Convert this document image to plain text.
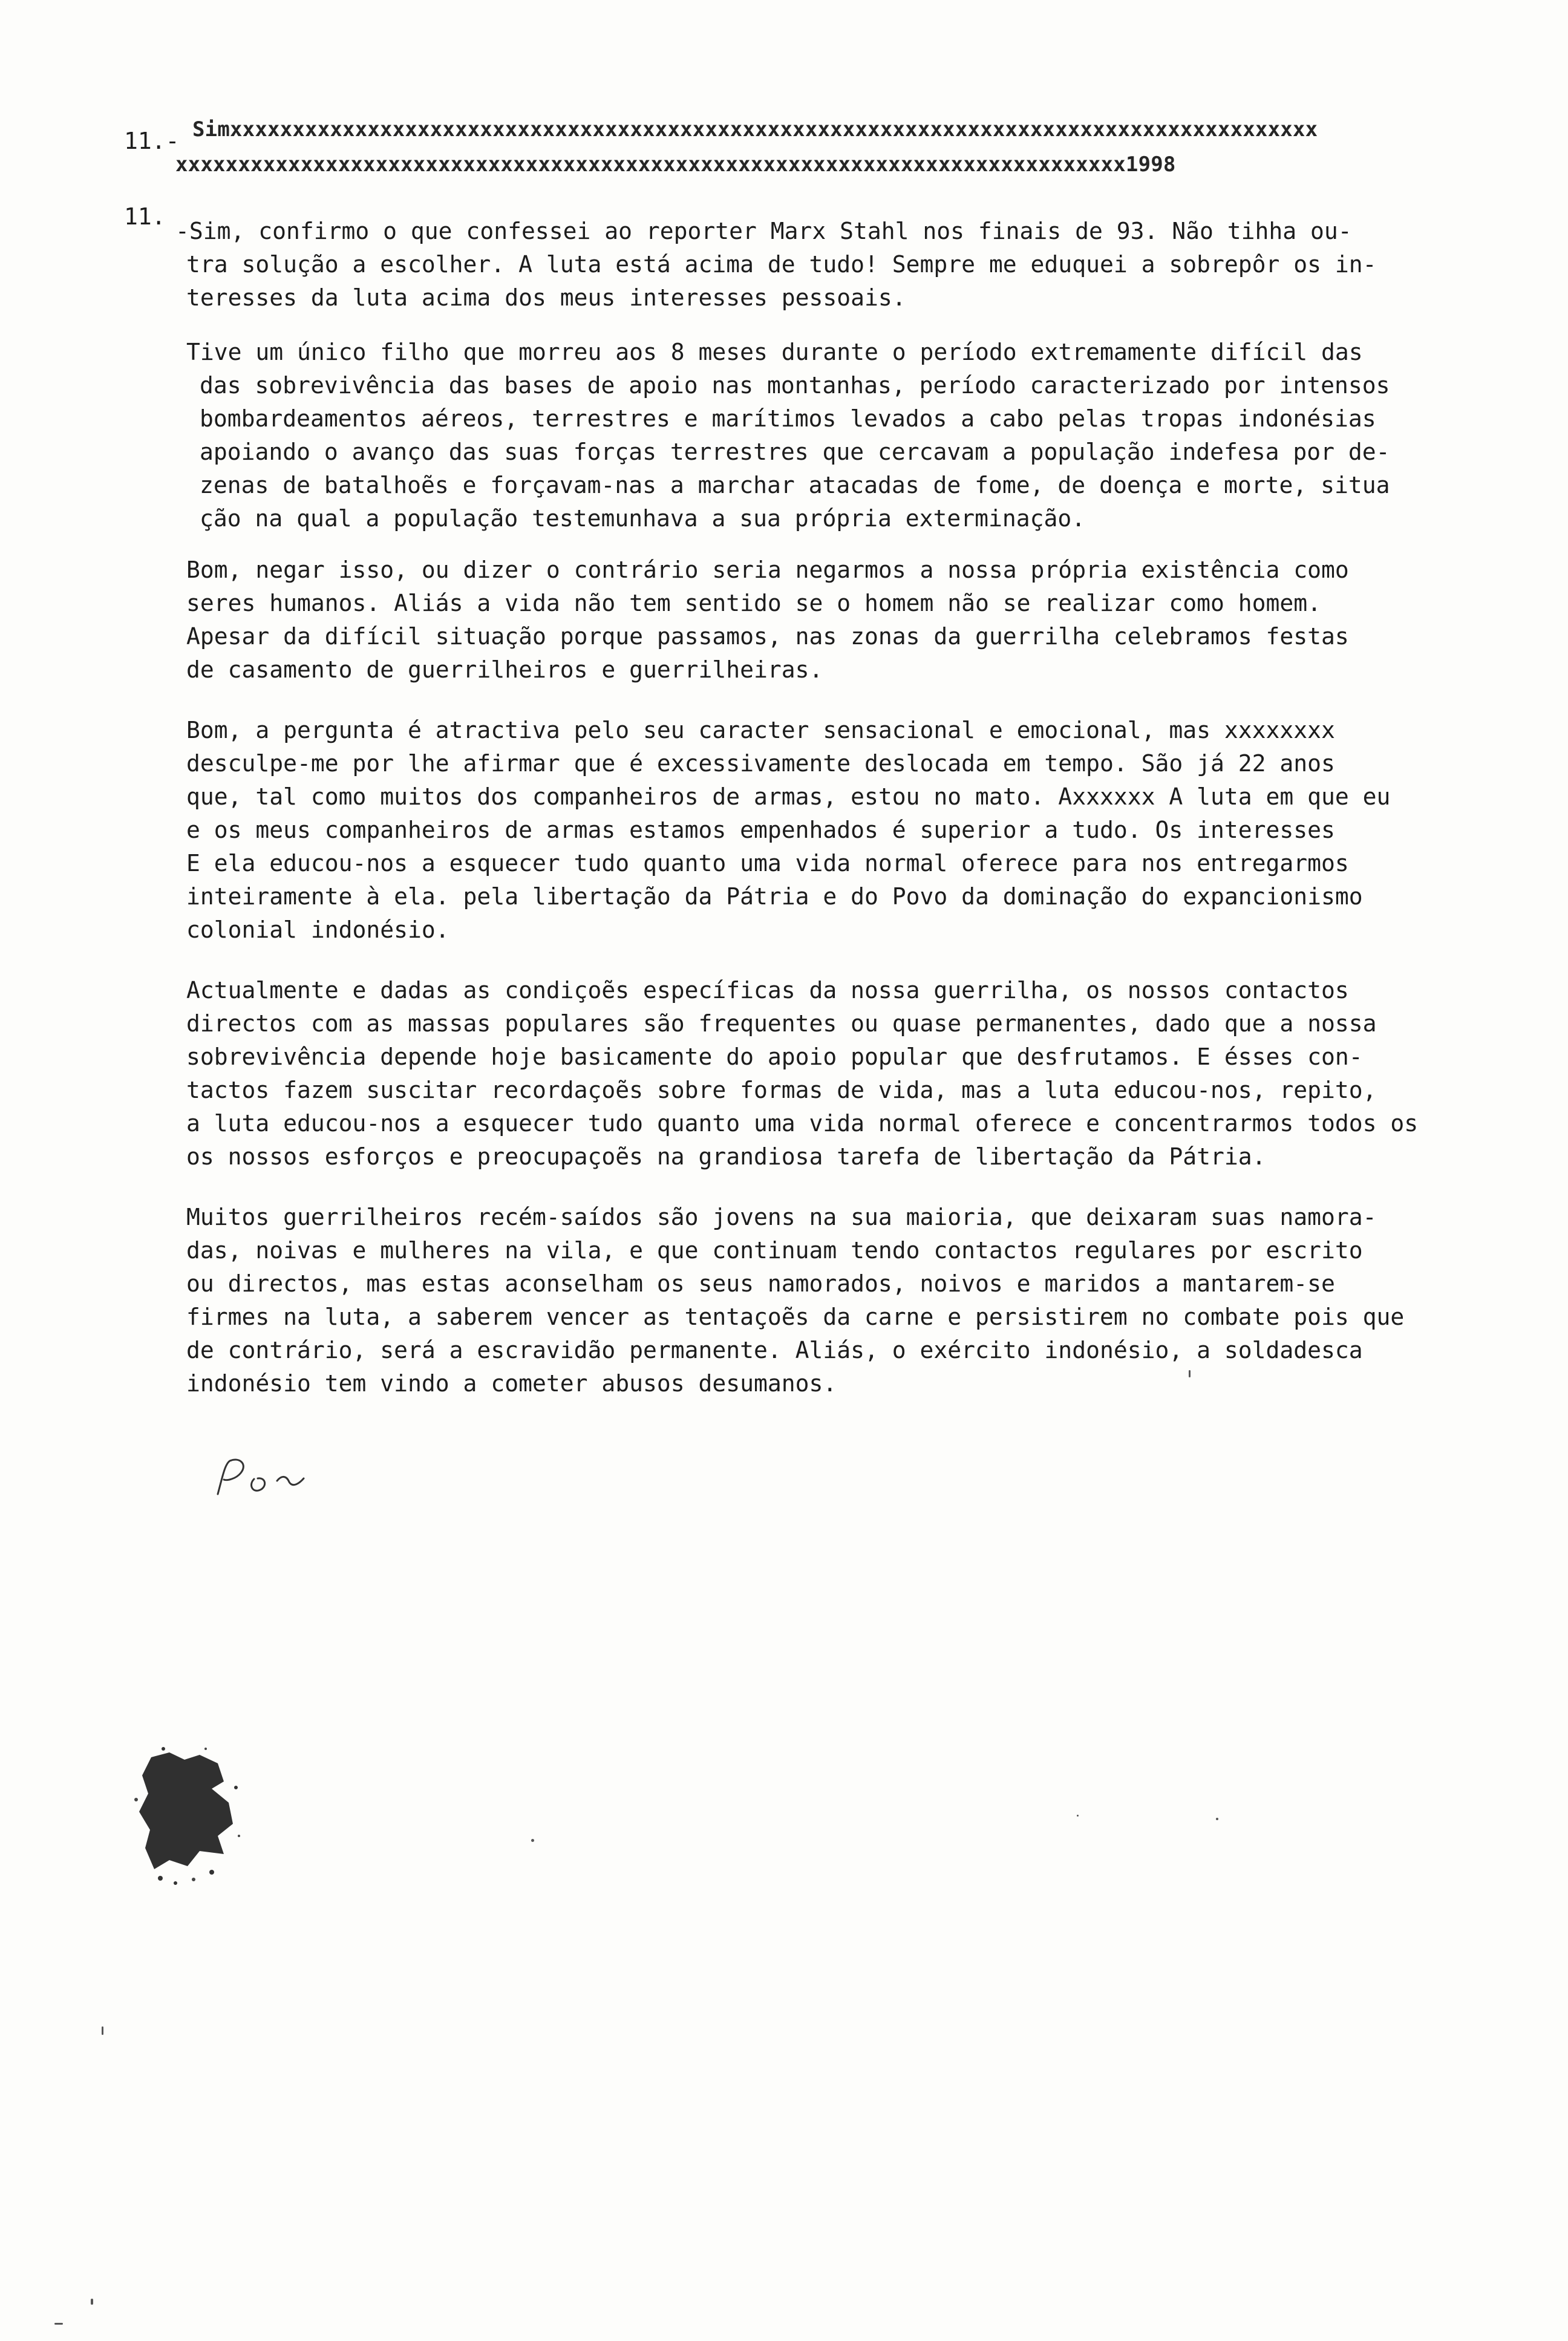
11.- Simxxxxxxxxxxxxxxxxxxxxxxxxxxxxxxxxxxxxxxxxxxxxxxxxxxxxxxxxxxxxxxxxxxxxxxxxxxxxxxxxxxxxxxx
xxxxxxxxxxxxxxxxxxxxxxxxxxxxxxxxxxxxxxxxxxxxxxxxxxxxxxxxxxxxxxxxxxxxxxxxxxxx1998
11.
-Sim, confirmo o que confessei ao reporter Marx Stahl nos finais de 93. Não tihha ou-
tra solução a escolher. A luta está acima de tudo! Sempre me eduquei a sobrepôr os in-
teresses da luta acima dos meus interesses pessoais.
Tive um único filho que morreu aos 8 meses durante o período extremamente difícil das
das sobrevivência das bases de apoio nas montanhas, período caracterizado por intensos
bombardeamentos aéreos, terrestres e marítimos levados a cabo pelas tropas indonésias
apoiando o avanço das suas forças terrestres que cercavam a população indefesa por de-
zenas de batalhoẽs e forçavam-nas a marchar atacadas de fome, de doença e morte, situa
ção na qual a população testemunhava a sua própria exterminação.
Bom, negar isso, ou dizer o contrário seria negarmos a nossa própria existência como
seres humanos. Aliás a vida não tem sentido se o homem não se realizar como homem.
Apesar da difícil situação porque passamos, nas zonas da guerrilha celebramos festas
de casamento de guerrilheiros e guerrilheiras.
Bom, a pergunta é atractiva pelo seu caracter sensacional e emocional, mas xxxxxxxx
desculpe-me por lhe afirmar que é excessivamente deslocada em tempo. São já 22 anos
que, tal como muitos dos companheiros de armas, estou no mato. Axxxxxx A luta em que eu
e os meus companheiros de armas estamos empenhados é superior a tudo. Os interesses
E ela educou-nos a esquecer tudo quanto uma vida normal oferece para nos entregarmos
inteiramente à ela. pela libertação da Pátria e do Povo da dominação do expancionismo
colonial indonésio.
Actualmente e dadas as condiçoẽs específicas da nossa guerrilha, os nossos contactos
directos com as massas populares são frequentes ou quase permanentes, dado que a nossa
sobrevivência depende hoje basicamente do apoio popular que desfrutamos. E ésses con-
tactos fazem suscitar recordaçoẽs sobre formas de vida, mas a luta educou-nos, repito,
a luta educou-nos a esquecer tudo quanto uma vida normal oferece e concentrarmos todos os
os nossos esforços e preocupaçoẽs na grandiosa tarefa de libertação da Pátria.
Muitos guerrilheiros recém-saídos são jovens na sua maioria, que deixaram suas namora-
das, noivas e mulheres na vila, e que continuam tendo contactos regulares por escrito
ou directos, mas estas aconselham os seus namorados, noivos e maridos a mantarem-se
firmes na luta, a saberem vencer as tentaçoẽs da carne e persistirem no combate pois que
de contrário, será a escravidão permanente. Aliás, o exército indonésio, a soldadesca
indonésio tem vindo a cometer abusos desumanos.
